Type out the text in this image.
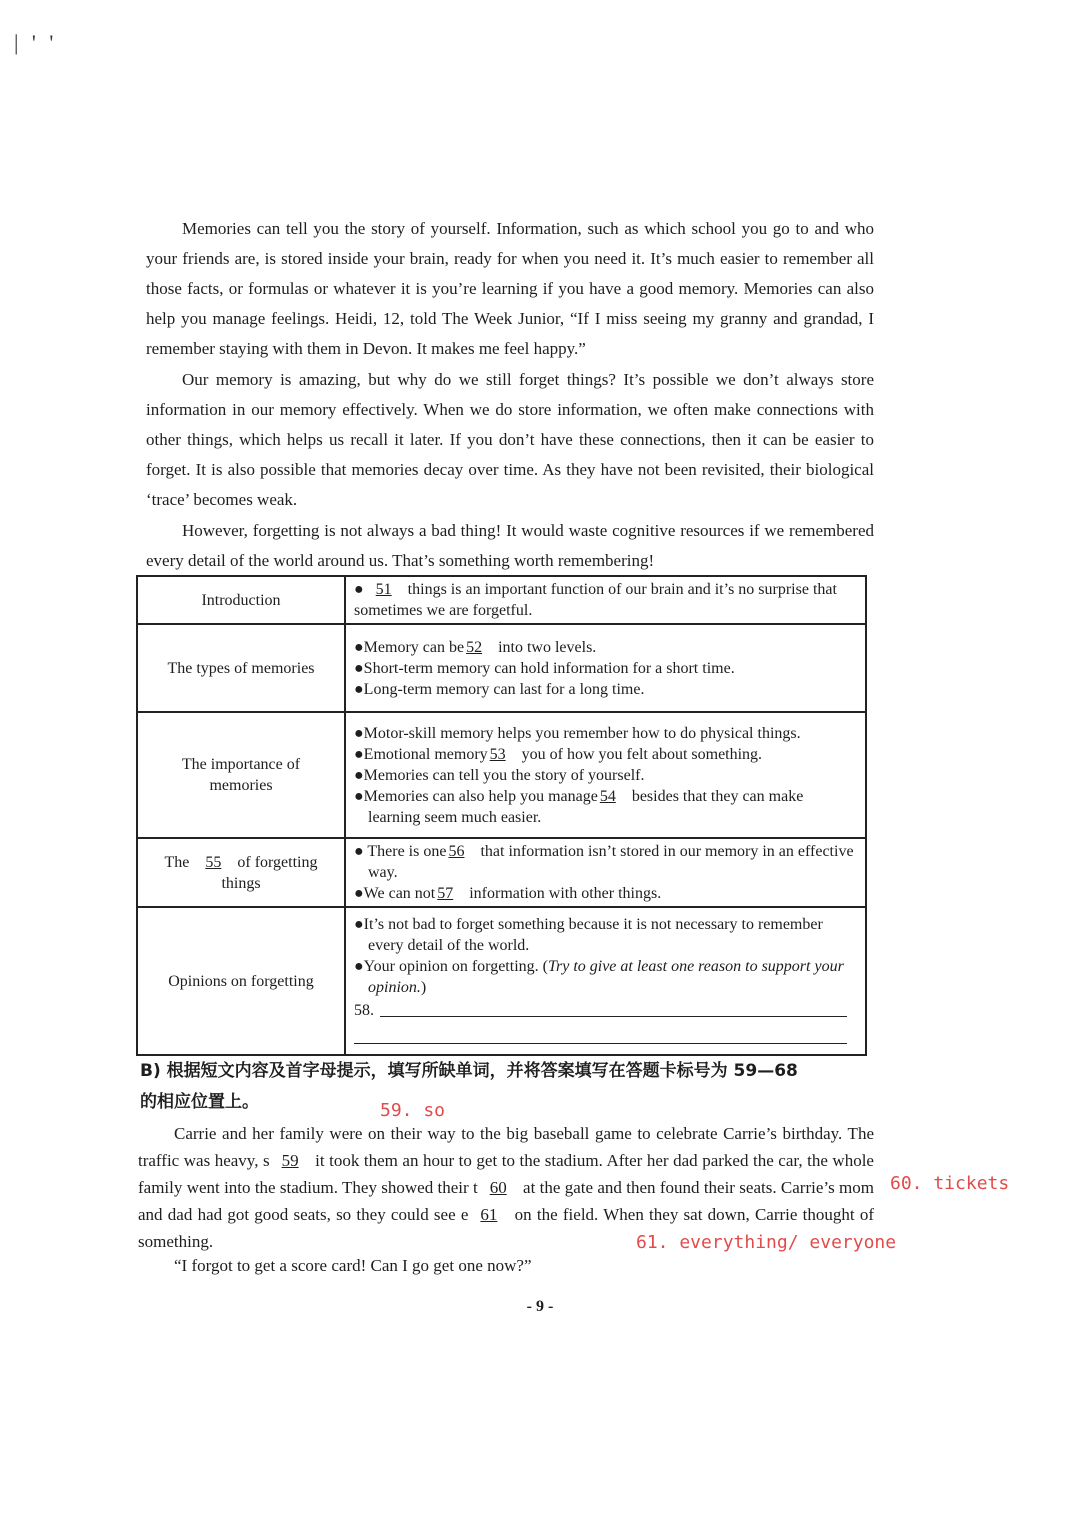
| ' '

Memories can tell you the story of yourself. Information, such as which school you go to and who your friends are, is stored inside your brain, ready for when you need it. It’s much easier to remember all those facts, or formulas or whatever it is you’re learning if you have a good memory. Memories can also help you manage feelings. Heidi, 12, told The Week Junior, “If I miss seeing my granny and grandad, I remember staying with them in Devon. It makes me feel happy.”

Our memory is amazing, but why do we still forget things? It’s possible we don’t always store information in our memory effectively. When we do store information, we often make connections with other things, which helps us recall it later. If you don’t have these connections, then it can be easier to forget. It is also possible that memories decay over time. As they have not been revisited, their biological ‘trace’ becomes weak.

However, forgetting is not always a bad thing! It would waste cognitive resources if we remembered every detail of the world around us. That’s something worth remembering!

Introduction	● 51 things is an important function of our brain and it’s no surprise that sometimes we are forgetful.
The types of memories	●Memory can be 52 into two levels.
●Short-term memory can hold information for a short time.
●Long-term memory can last for a long time.

The importance of
memories	●Motor-skill memory helps you remember how to do physical things.
●Emotional memory 53 you of how you felt about something.
●Memories can tell you the story of yourself.
●Memories can also help you manage 54 besides that they can make learning seem much easier.

The 55 of forgetting things	● There is one 56 that information isn’t stored in our memory in an effective way.
●We can not 57 information with other things.

Opinions on forgetting	●It’s not bad to forget something because it is not necessary to remember every detail of the world.
●Your opinion on forgetting. (Try to give at least one reason to support your opinion.)
58.

B) 根据短文内容及首字母提示，填写所缺单词，并将答案填写在答题卡标号为 59—68

的相应位置上。	59. so
60. tickets
61. everything/ everyone

Carrie and her family were on their way to the big baseball game to celebrate Carrie’s birthday. The traffic was heavy, s 59 it took them an hour to get to the stadium. After her dad parked the car, the whole family went into the stadium. They showed their t 60 at the gate and then found their seats. Carrie’s mom and dad had got good seats, so they could see e 61 on the field. When they sat down, Carrie thought of something.

“I forgot to get a score card! Can I go get one now?”

- 9 -
